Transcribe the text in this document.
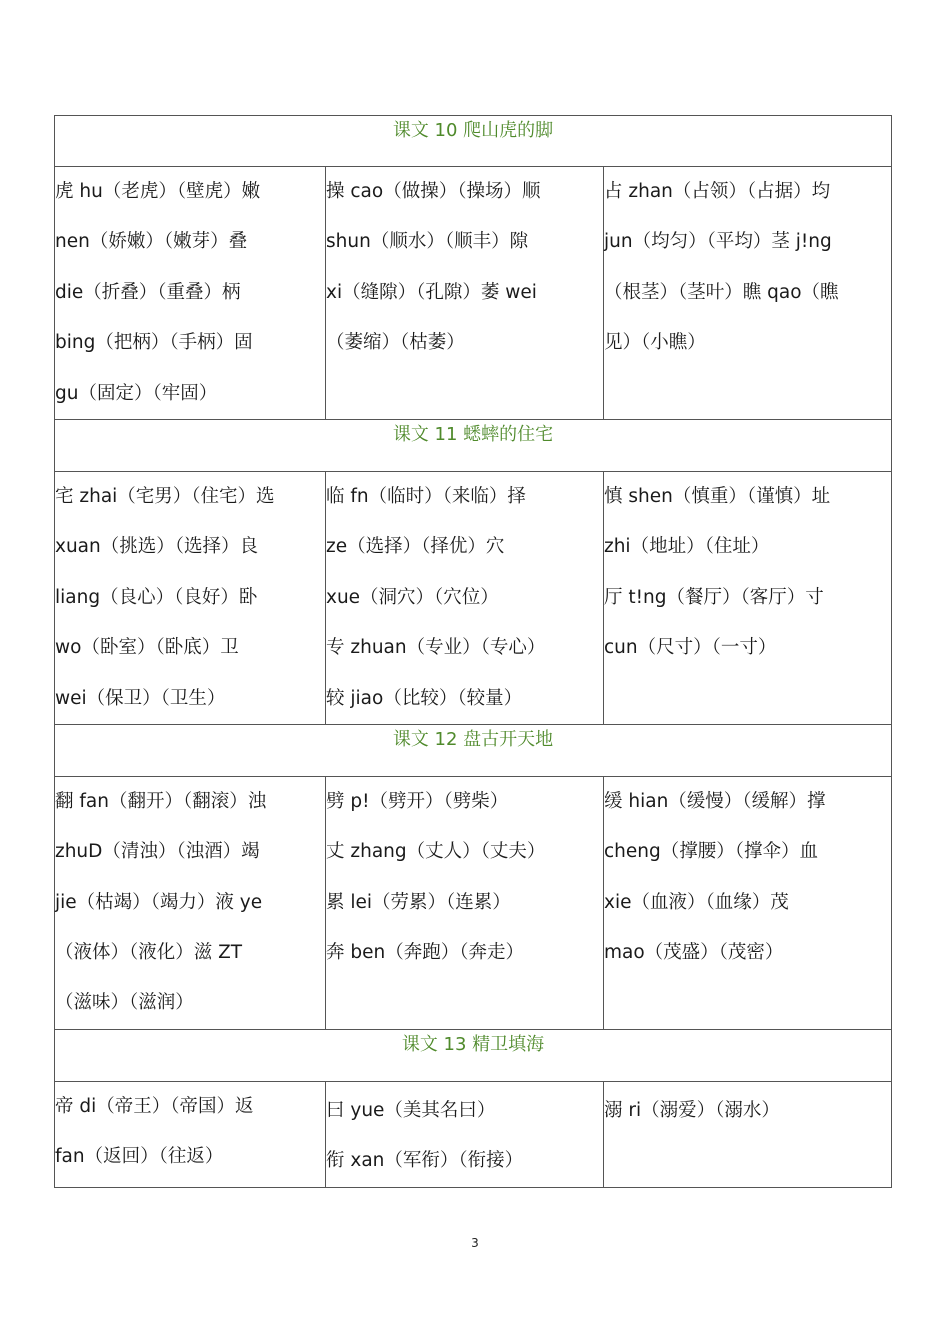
课文 10 爬山虎的脚		

虎 hu（老虎）（壁虎）嫩
nen（娇嫩）（嫩芽）叠
die（折叠）（重叠）柄
bing（把柄）（手柄）固
gu（固定）（牢固）	操 cao（做操）（操场）顺
shun（顺水）（顺丰）隙
xi（缝隙）（孔隙）萎 wei
（萎缩）（枯萎）	占 zhan（占领）（占据）均
jun（均匀）（平均）茎 j!ng
（根茎）（茎叶）瞧 qao（瞧
见）（小瞧）

课文 11 蟋蟀的住宅		

宅 zhai（宅男）（住宅）选
xuan（挑选）（选择）良
liang（良心）（良好）卧
wo（卧室）（卧底）卫
wei（保卫）（卫生）	临 fn（临时）（来临）择
ze（选择）（择优）穴
xue（洞穴）（穴位）
专 zhuan（专业）（专心）
较 jiao（比较）（较量）	慎 shen（慎重）（谨慎）址
zhi（地址）（住址）
厅 t!ng（餐厅）（客厅）寸
cun（尺寸）（一寸）

课文 12 盘古开天地		

翻 fan（翻开）（翻滚）浊
zhuD（清浊）（浊酒）竭
jie（枯竭）（竭力）液 ye
（液体）（液化）滋 ZT
（滋味）（滋润）	劈 p!（劈开）（劈柴）
丈 zhang（丈人）（丈夫）
累 lei（劳累）（连累）
奔 ben（奔跑）（奔走）	缓 hian（缓慢）（缓解）撑
cheng（撑腰）（撑伞）血
xie（血液）（血缘）茂
mao（茂盛）（茂密）

课文 13 精卫填海		

帝 di（帝王）（帝国）返
fan（返回）（往返）	曰 yue（美其名曰）
衔 xan（军衔）（衔接）	溺 ri（溺爱）（溺水）
3
